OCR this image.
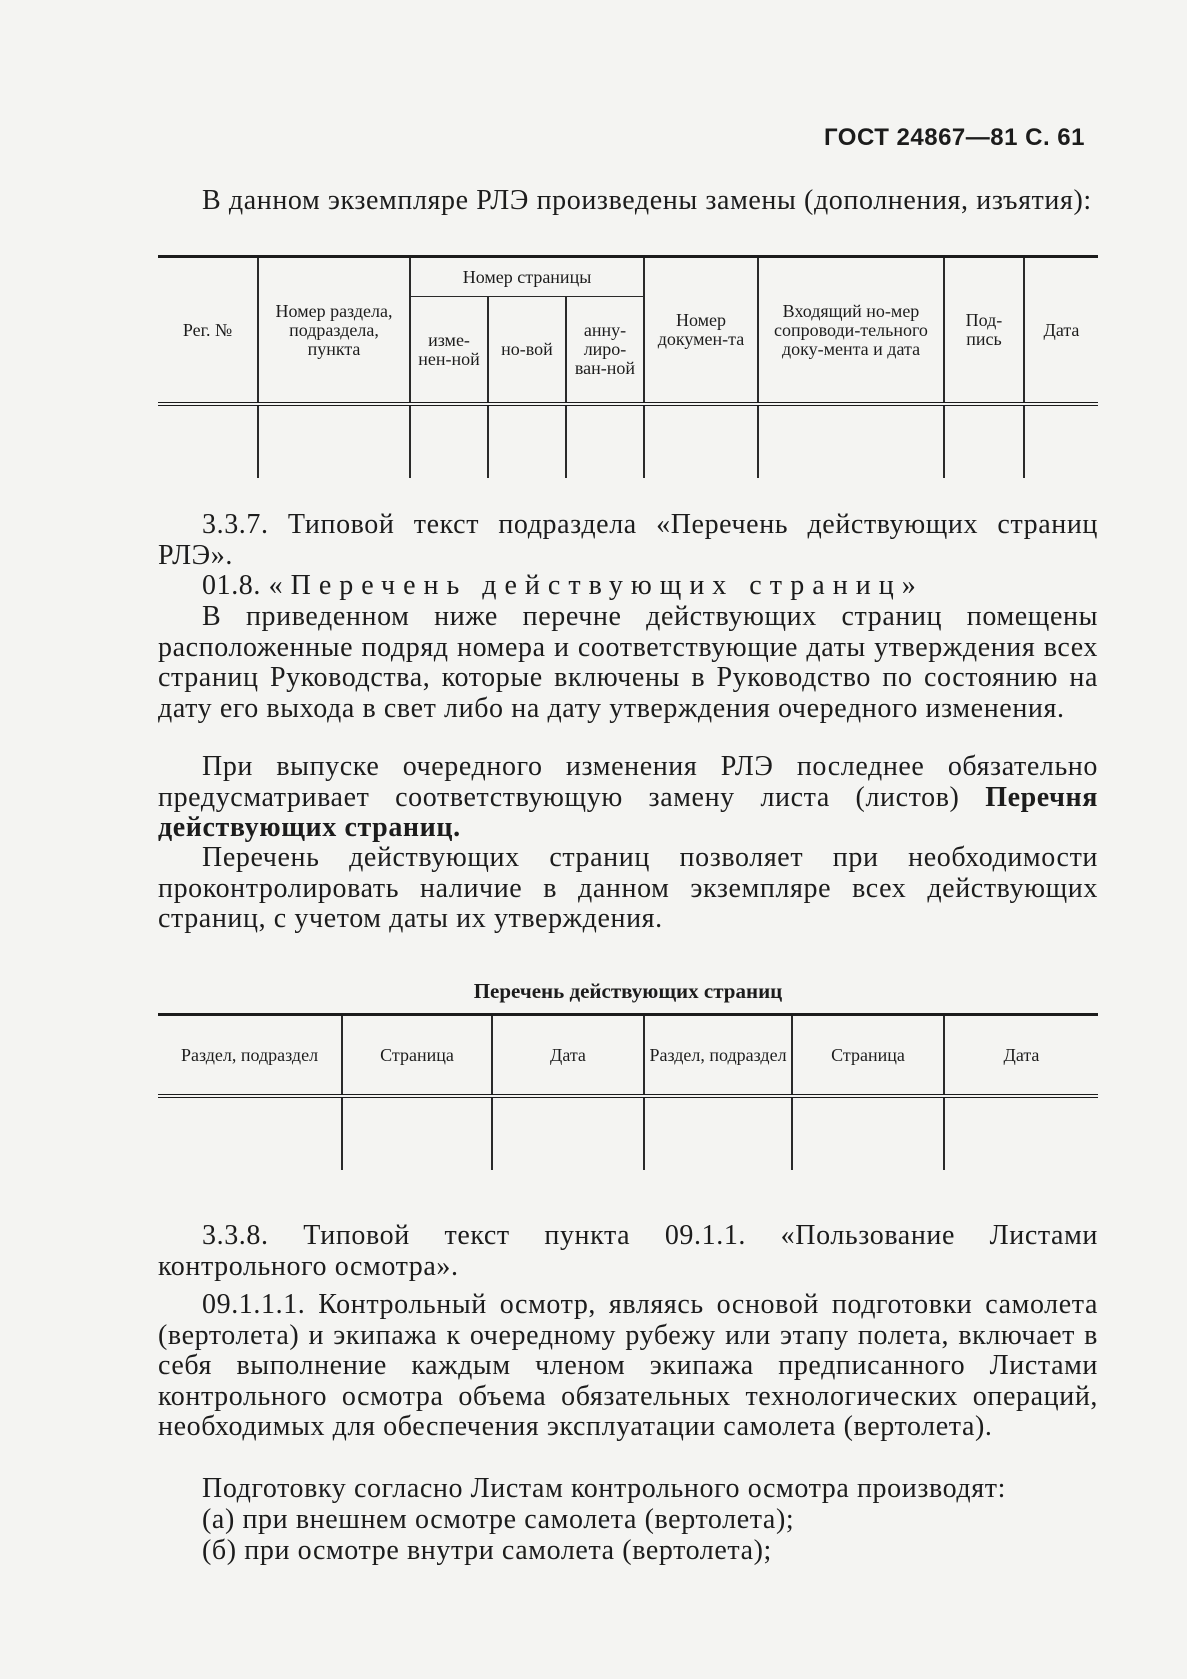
ГОСТ 24867—81 С. 61

В данном экземпляре РЛЭ произведены замены (дополнения, изъятия):

Рег. №	Номер раздела, подраздела, пункта	Номер страницы			Номер докумен-та	Входящий но-мер сопроводи-тельного доку-мента и дата	Под-пись	Дата
		изме-нен-ной	но-вой	анну-лиро-ван-ной				

3.3.7. Типовой текст подраздела «Перечень действующих страниц РЛЭ».

01.8. «Перечень действующих страниц»

В приведенном ниже перечне действующих страниц помещены расположенные подряд номера и соответствующие даты утверждения всех страниц Руководства, которые включены в Руководство по состоянию на дату его выхода в свет либо на дату утверждения очередного изменения.

При выпуске очередного изменения РЛЭ последнее обязательно предусматривает соответствующую замену листа (листов) Перечня действующих страниц.

Перечень действующих страниц позволяет при необходимости проконтролировать наличие в данном экземпляре всех действующих страниц, с учетом даты их утверждения.

Перечень действующих страниц
Раздел, подраздел	Страница	Дата	Раздел, подраздел	Страница	Дата

3.3.8. Типовой текст пункта 09.1.1. «Пользование Листами контрольного осмотра».

09.1.1.1. Контрольный осмотр, являясь основой подготовки самолета (вертолета) и экипажа к очередному рубежу или этапу полета, включает в себя выполнение каждым членом экипажа предписанного Листами контрольного осмотра объема обязательных технологических операций, необходимых для обеспечения эксплуатации самолета (вертолета).

Подготовку согласно Листам контрольного осмотра производят:

(а) при внешнем осмотре самолета (вертолета);

(б) при осмотре внутри самолета (вертолета);
